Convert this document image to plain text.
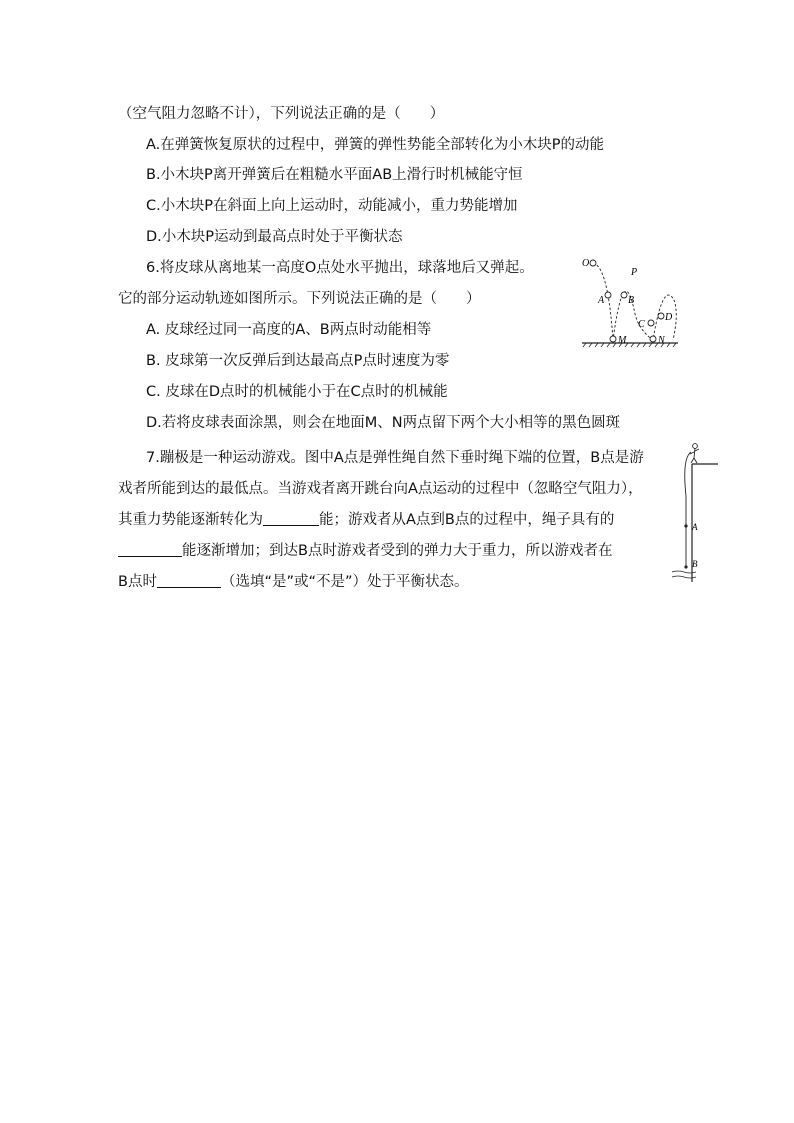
（空气阻力忽略不计），下列说法正确的是（　　）
A.在弹簧恢复原状的过程中，弹簧的弹性势能全部转化为小木块P的动能
B.小木块P离开弹簧后在粗糙水平面AB上滑行时机械能守恒
C.小木块P在斜面上向上运动时，动能减小，重力势能增加
D.小木块P运动到最高点时处于平衡状态
6.将皮球从离地某一高度O点处水平抛出，球落地后又弹起。
它的部分运动轨迹如图所示。下列说法正确的是（　　）
A. 皮球经过同一高度的A、B两点时动能相等
B. 皮球第一次反弹后到达最高点P点时速度为零
C. 皮球在D点时的机械能小于在C点时的机械能
D.若将皮球表面涂黑，则会在地面M、N两点留下两个大小相等的黑色圆斑
O
P
A B
C
D
M	N
7.蹦极是一种运动游戏。图中A点是弹性绳自然下垂时绳下端的位置，B点是游
戏者所能到达的最低点。当游戏者离开跳台向A点运动的过程中（忽略空气阻力），
其重力势能逐渐转化为	能；游戏者从A点到B点的过程中，绳子具有的
能逐渐增加；到达B点时游戏者受到的弹力大于重力，所以游戏者在
B点时	（选填“是”或“不是”）处于平衡状态。
A
B
